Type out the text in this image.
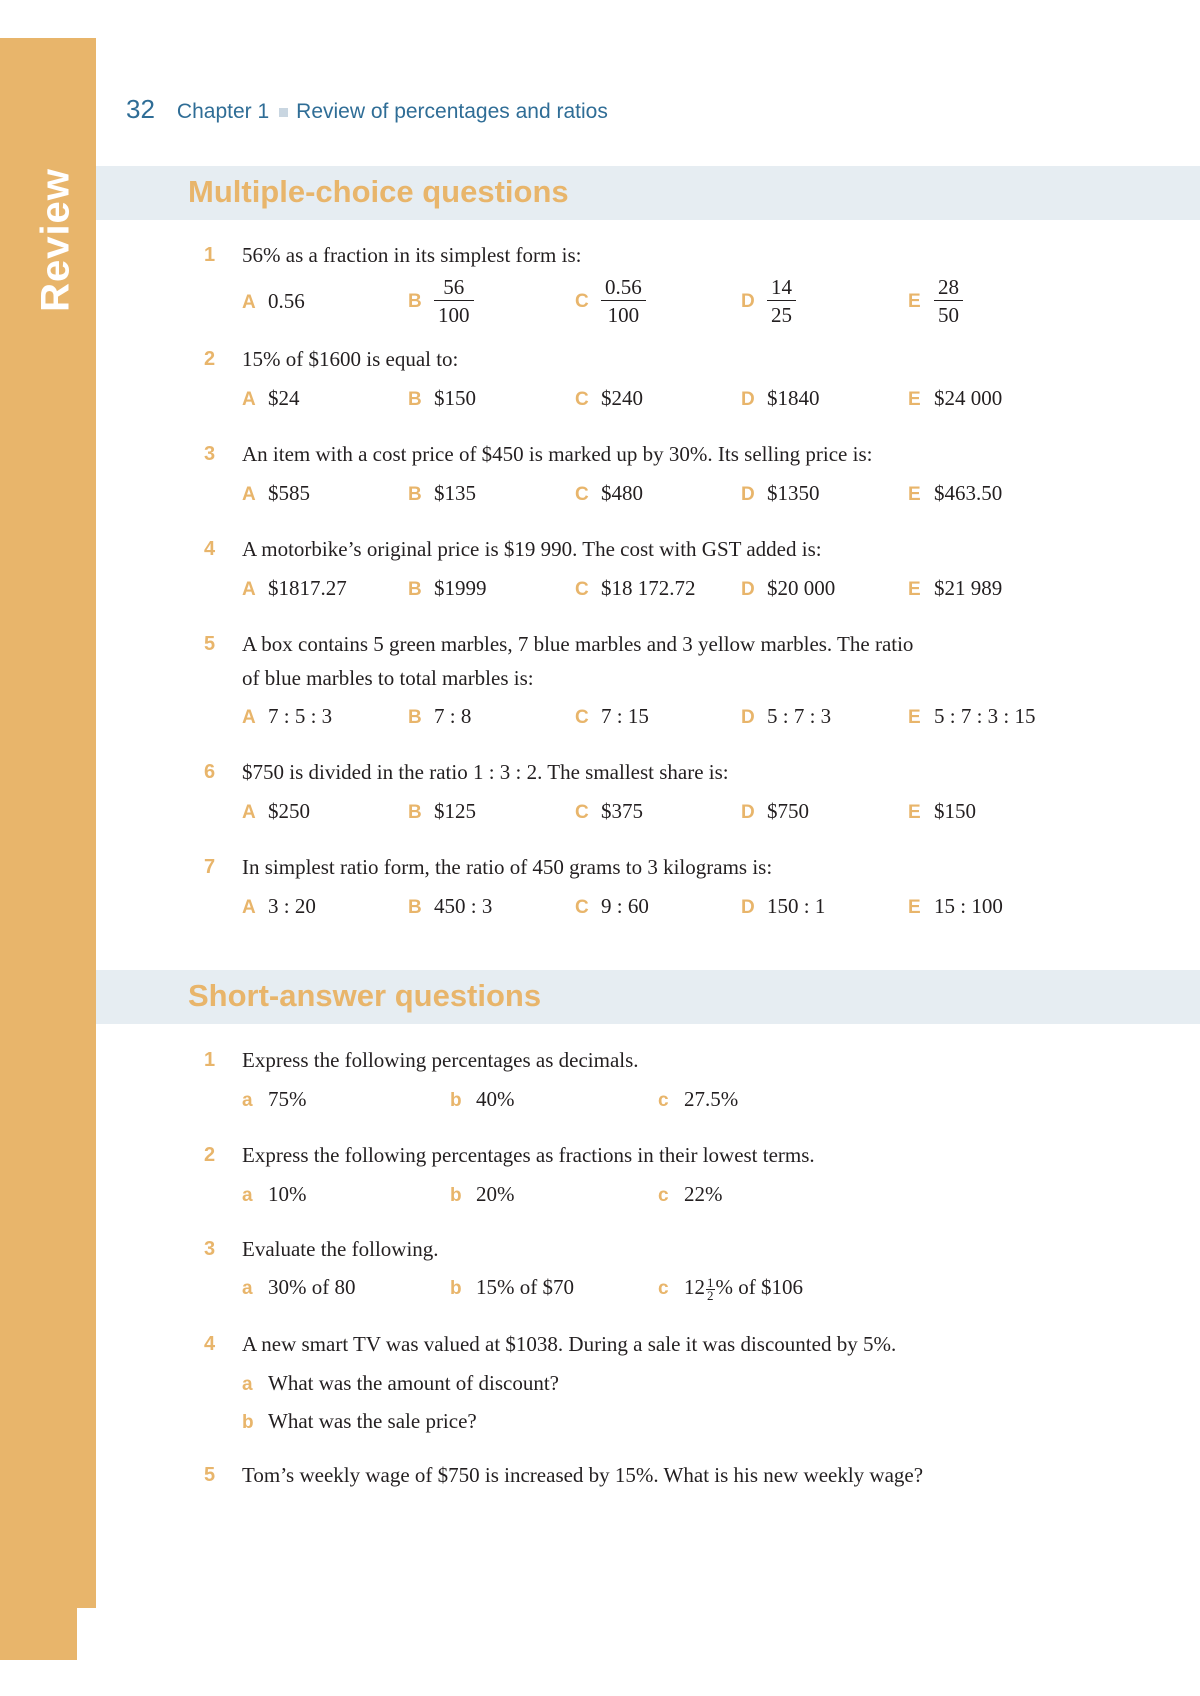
Review
32 Chapter 1 Review of percentages and ratios
Multiple-choice questions
1 56% as a fraction in its simplest form is:
A 0.56	B $\frac{56}{100}$	C $\frac{0.56}{100}$	D $\frac{14}{25}$	E $\frac{28}{50}$
2 15% of $1600 is equal to:
A $24	B $150	C $240	D $1840	E $24 000
3 An item with a cost price of $450 is marked up by 30%. Its selling price is:
A $585	B $135	C $480	D $1350	E $463.50
4 A motorbike’s original price is $19 990. The cost with GST added is:
A $1817.27	B $1999	C $18 172.72 D $20 000	E $21 989
5 A box contains 5 green marbles, 7 blue marbles and 3 yellow marbles. The ratio
of blue marbles to total marbles is:
A 7 : 5 : 3	B 7 : 8	C 7 : 15	D 5 : 7 : 3	E 5 : 7 : 3 : 15
6 $750 is divided in the ratio 1 : 3 : 2. The smallest share is:
A $250	B $125	C $375	D $750	E $150
7 In simplest ratio form, the ratio of 450 grams to 3 kilograms is:
A 3 : 20	B 450 : 3	C 9 : 60	D 150 : 1	E 15 : 100
Short-answer questions
1 Express the following percentages as decimals.
a 75%	b 40%	c 27.5%
2 Express the following percentages as fractions in their lowest terms.
a 10%	b 20%	c 22%
3 Evaluate the following.
a 30% of 80	b 15% of $70	c $12 \frac{1}{2}$ % of $106
4 A new smart TV was valued at $1038. During a sale it was discounted by 5%.
a What was the amount of discount?
b What was the sale price?
5 Tom’s weekly wage of $750 is increased by 15%. What is his new weekly wage?
